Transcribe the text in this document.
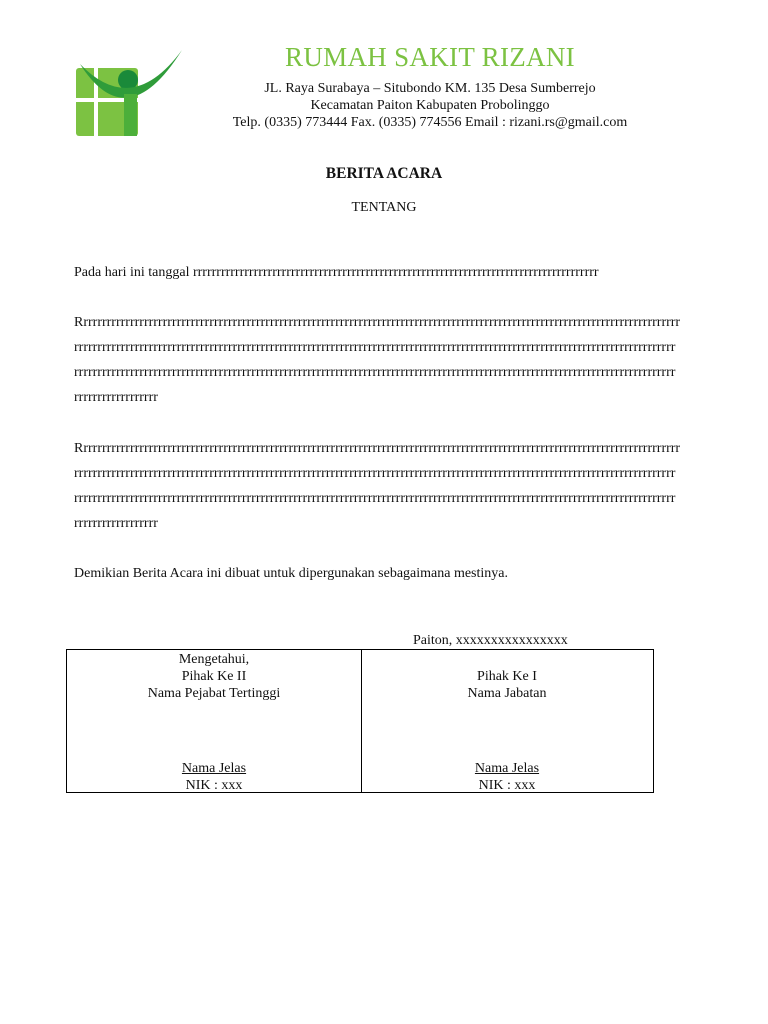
RUMAH SAKIT RIZANI
JL. Raya Surabaya – Situbondo KM. 135 Desa Sumberrejo
Kecamatan Paiton Kabupaten Probolinggo
Telp. (0335) 773444 Fax. (0335) 774556 Email : rizani.rs@gmail.com
BERITA ACARA
TENTANG
Pada hari ini tanggal rrrrrrrrrrrrrrrrrrrrrrrrrrrrrrrrrrrrrrrrrrrrrrrrrrrrrrrrrrrrrrrrrrrrrrrrrrrrrrrrrrrrrrr
Rrrrrrrrrrrrrrrrrrrrrrrrrrrrrrrrrrrrrrrrrrrrrrrrrrrrrrrrrrrrrrrrrrrrrrrrrrrrrrrrrrrrrrrrrrrrrrrrrrrrrrrrrrrrrrrrrrrrrrrrrrrrrrrrr
rrrrrrrrrrrrrrrrrrrrrrrrrrrrrrrrrrrrrrrrrrrrrrrrrrrrrrrrrrrrrrrrrrrrrrrrrrrrrrrrrrrrrrrrrrrrrrrrrrrrrrrrrrrrrrrrrrrrrrrrrrrrrrrrr
rrrrrrrrrrrrrrrrrrrrrrrrrrrrrrrrrrrrrrrrrrrrrrrrrrrrrrrrrrrrrrrrrrrrrrrrrrrrrrrrrrrrrrrrrrrrrrrrrrrrrrrrrrrrrrrrrrrrrrrrrrrrrrrrr
rrrrrrrrrrrrrrrrrr
Rrrrrrrrrrrrrrrrrrrrrrrrrrrrrrrrrrrrrrrrrrrrrrrrrrrrrrrrrrrrrrrrrrrrrrrrrrrrrrrrrrrrrrrrrrrrrrrrrrrrrrrrrrrrrrrrrrrrrrrrrrrrrrrrr
rrrrrrrrrrrrrrrrrrrrrrrrrrrrrrrrrrrrrrrrrrrrrrrrrrrrrrrrrrrrrrrrrrrrrrrrrrrrrrrrrrrrrrrrrrrrrrrrrrrrrrrrrrrrrrrrrrrrrrrrrrrrrrrrr
rrrrrrrrrrrrrrrrrrrrrrrrrrrrrrrrrrrrrrrrrrrrrrrrrrrrrrrrrrrrrrrrrrrrrrrrrrrrrrrrrrrrrrrrrrrrrrrrrrrrrrrrrrrrrrrrrrrrrrrrrrrrrrrrr
rrrrrrrrrrrrrrrrrr
Demikian Berita Acara ini dibuat untuk dipergunakan sebagaimana mestinya.
Paiton, xxxxxxxxxxxxxxxx
Mengetahui,
Pihak Ke II
Nama Pejabat Tertinggi
Nama Jelas
NIK : xxx
Pihak Ke I
Nama Jabatan
Nama Jelas
NIK : xxx
